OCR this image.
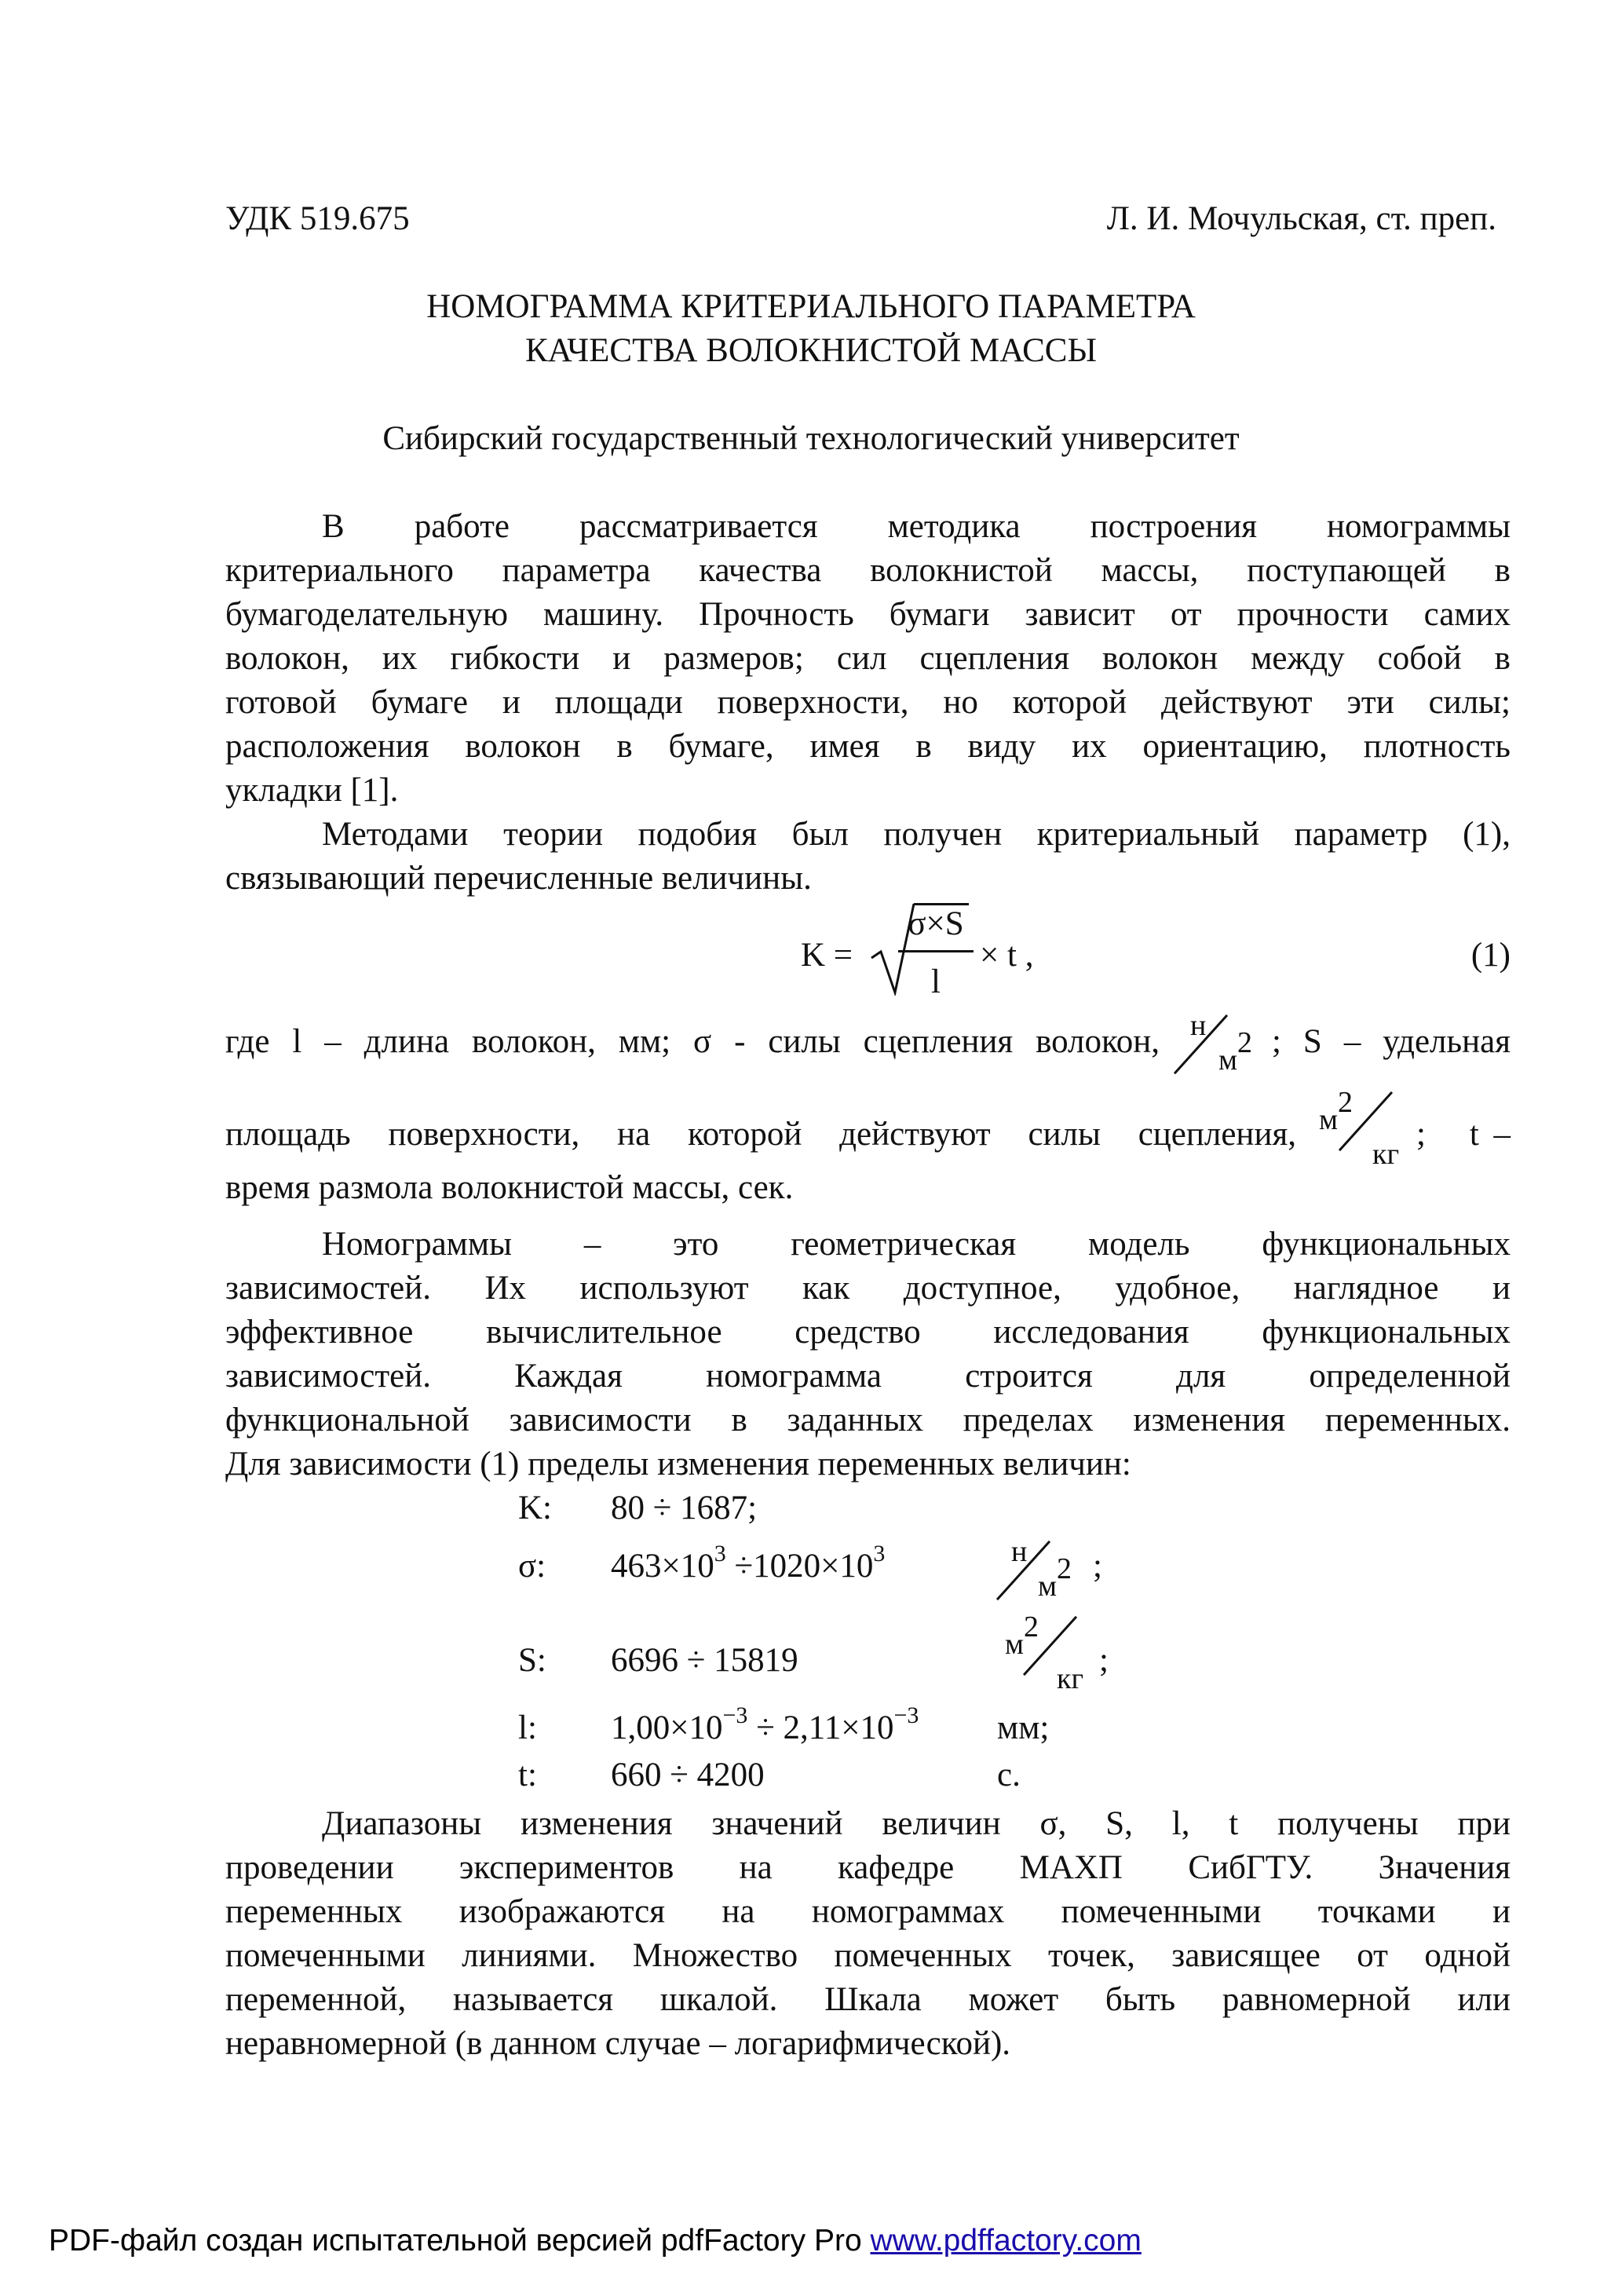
УДК 519.675	Л. И. Мочульская, ст. преп.
НОМОГРАММА КРИТЕРИАЛЬНОГО ПАРАМЕТРА
КАЧЕСТВА ВОЛОКНИСТОЙ МАССЫ
Сибирский государственный технологический университет
В работе рассматривается методика построения номограммы
критериального параметра качества волокнистой массы, поступающей в
бумагоделательную машину. Прочность бумаги зависит от прочности самих
волокон, их гибкости и размеров; сил сцепления волокон между собой в
готовой бумаге и площади поверхности, но которой действуют эти силы;
расположения волокон в бумаге, имея в виду их ориентацию, плотность
укладки [1].
Методами теории подобия был получен критериальный параметр (1),
связывающий перечисленные величины.
K =
σ×S
l
× t ,	(1)
где l – длина волокон, мм; σ - силы сцепления волокон, н
$м^2$ ; S – удельная
площадь поверхности, на которой действуют силы сцепления, $м^2$
кг
;   t –
время размола волокнистой массы, сек.
Номограммы – это геометрическая модель функциональных
зависимостей. Их используют как доступное, удобное, наглядное и
эффективное вычислительное средство исследования функциональных
зависимостей. Каждая номограмма строится для определенной
функциональной зависимости в заданных пределах изменения переменных.
Для зависимости (1) пределы изменения переменных величин:
K: 80 ÷ 1687;
σ: $463\times 10^3 \div 1020\times 10^3$	н
$м^2$ ;
S: 6696 ÷ 15819	$м^2$
кг ;
l: $1,00\times 10^{-3} \div 2,11\times 10^{-3}$ мм;
t: 660 ÷ 4200	с.
Диапазоны изменения значений величин σ, S, l, t получены при
проведении экспериментов на кафедре МАХП СибГТУ. Значения
переменных изображаются на номограммах помеченными точками и
помеченными линиями. Множество помеченных точек, зависящее от одной
переменной, называется шкалой. Шкала может быть равномерной или
неравномерной (в данном случае – логарифмической).
PDF-файл создан испытательной версией pdfFactory Pro www.pdffactory.com
